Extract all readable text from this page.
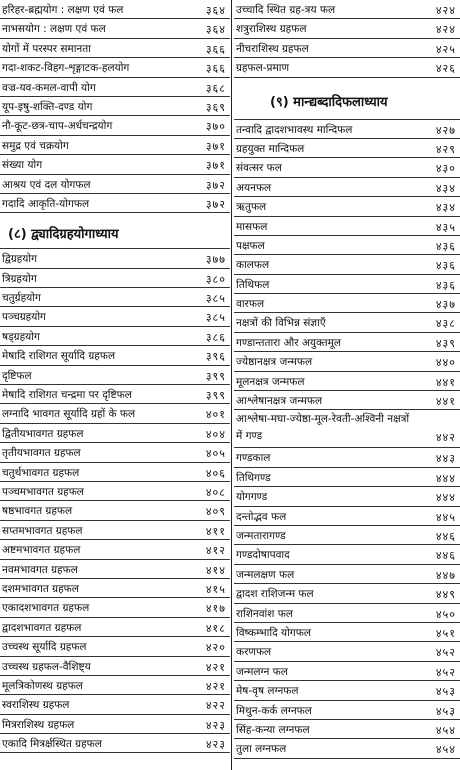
हरिहर-ब्रह्मयोग : लक्षण एवं फल	३६४
नाभसयोग : लक्षण एवं फल	३६४
योगों में परस्पर समानता	३६६
गदा-शकट-विहग-शृङ्गाटक-हलयोग	३६६
वज्र-यव-कमल-वापी योग	३६८
यूप-इषु-शक्ति-दण्ड योग	३६९
नौ-कूट-छत्र-चाप-अर्धचन्द्रयोग	३७०
समुद्र एवं चक्रयोग	३७१
संख्या योग	३७१
आश्रय एवं दल योगफल	३७२
गदादि आकृति-योगफल	३७२
(८) द्व्यादिग्रहयोगाध्याय
द्विग्रहयोग	३७७
त्रिग्रहयोग	३८०
चतुर्ग्रहयोग	३८५
पञ्चग्रहयोग	३८५
षड्ग्रहयोग	३८६
मेषादि राशिगत सूर्यादि ग्रहफल	३९६
दृष्टिफल	३९९
मेषादि राशिगत चन्द्रमा पर दृष्टिफल	३९९
लग्नादि भावगत सूर्यादि ग्रहों के फल	४०१
द्वितीयभावगत ग्रहफल	४०४
तृतीयभावगत ग्रहफल	४०५
चतुर्थभावगत ग्रहफल	४०६
पञ्चमभावगत ग्रहफल	४०८
षष्ठभावगत ग्रहफल	४०९
सप्तमभावगत ग्रहफल	४११
अष्टमभावगत ग्रहफल	४१२
नवमभावगत ग्रहफल	४१४
दशमभावगत ग्रहफल	४१५
एकादशभावगत ग्रहफल	४१७
द्वादशभावगत ग्रहफल	४१८
उच्चस्थ सूर्यादि ग्रहफल	४२०
उच्चस्थ ग्रहफल-वैशिष्ट्य	४२१
मूलत्रिकोणस्थ ग्रहफल	४२१
स्वराशिस्थ ग्रहफल	४२२
मित्रराशिस्थ ग्रहफल	४२३
एकादि मित्रर्क्षस्थित ग्रहफल	४२३
उच्चादि स्थित ग्रह-त्रय फल	४२४
शत्रुराशिस्थ ग्रहफल	४२४
नीचराशिस्थ ग्रहफल	४२५
ग्रहफल-प्रमाण	४२६
(९) मान्द्यब्दादिफलाध्याय
तन्वादि द्वादशभावस्थ मान्दिफल	४२७
ग्रहयुक्त मान्दिफल	४२९
संवत्सर फल	४३०
अयनफल	४३४
ऋतुफल	४३४
मासफल	४३५
पक्षफल	४३६
कालफल	४३६
तिथिफल	४३६
वारफल	४३७
नक्षत्रों की विभिन्न संज्ञाएँ	४३८
गण्डान्ततारा और अयुक्तमूल	४३९
ज्येष्ठानक्षत्र जन्मफल	४४०
मूलनक्षत्र जन्मफल	४४१
आश्लेषानक्षत्र जन्मफल	४४१
आश्लेषा-मघा-ज्येष्ठा-मूल-रेवती-अश्विनी नक्षत्रों में गण्ड	४४२
गण्डकाल	४४३
तिथिगण्ड	४४४
योगगण्ड	४४४
दन्तोद्भव फल	४४५
जन्मतारागण्ड	४४६
गण्डदोषापवाद	४४६
जन्मलक्षण फल	४४७
द्वादश राशिजन्म फल	४४९
राशिनवांश फल	४५०
विष्कम्भादि योगफल	४५१
करणफल	४५२
जन्मलग्न फल	४५२
मेष-वृष लग्नफल	४५३
मिथुन-कर्क लग्नफल	४५३
सिंह-कन्या लग्नफल	४५४
तुला लग्नफल	४५४
